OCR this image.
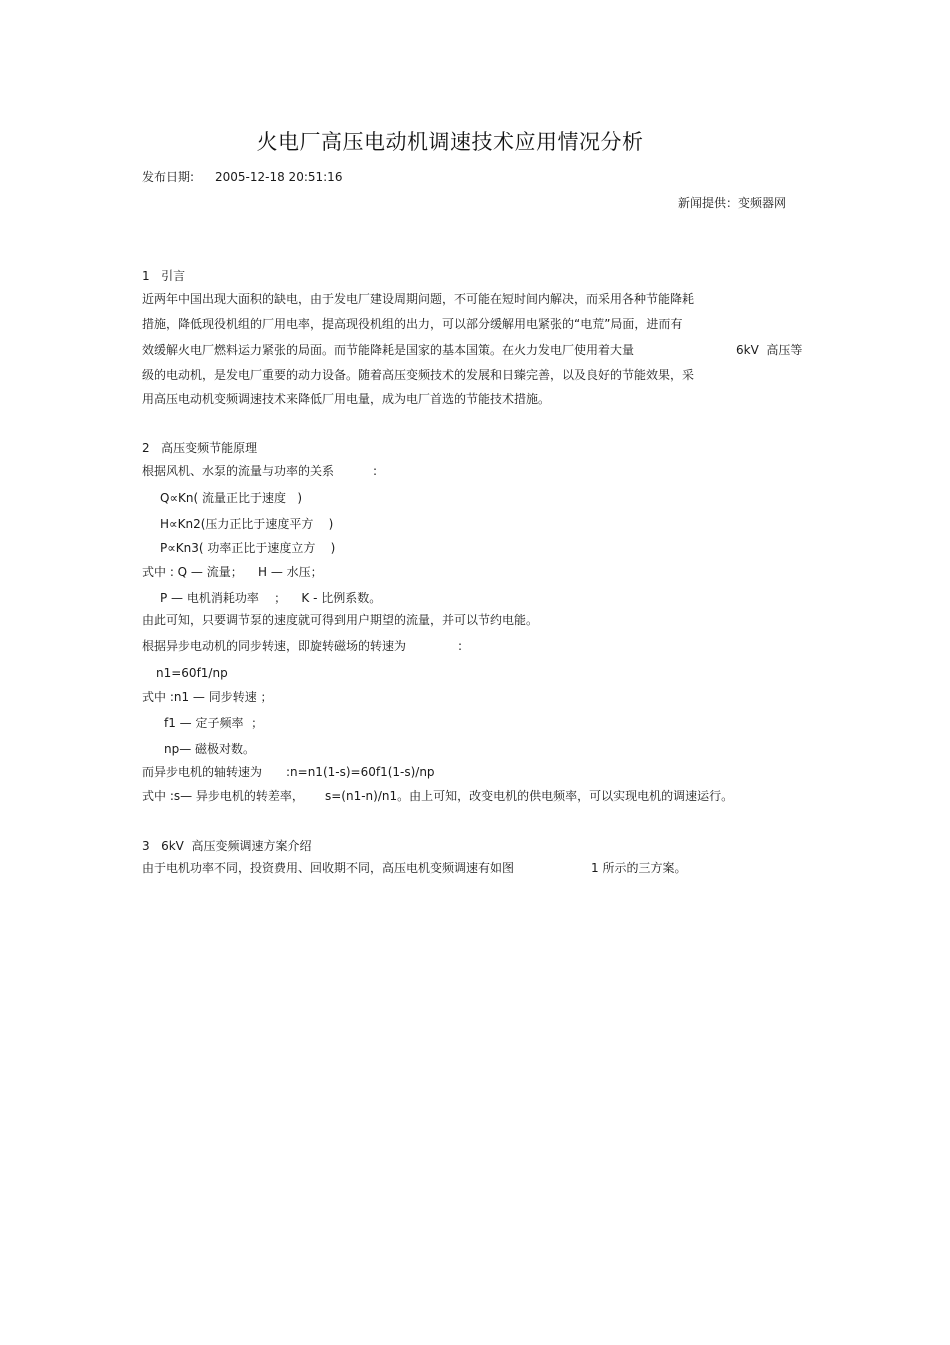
火电厂高压电动机调速技术应用情况分析
发布日期: 2005-12-18 20:51:16
新闻提供：变频器网
1   引言
近两年中国出现大面积的缺电，由于发电厂建设周期问题，不可能在短时间内解决，而采用各种节能降耗
措施，降低现役机组的厂用电率，提高现役机组的出力，可以部分缓解用电紧张的“电荒”局面，进而有
效缓解火电厂燃料运力紧张的局面。而节能降耗是国家的基本国策。在火力发电厂使用着大量	6kV  高压等
级的电动机，是发电厂重要的动力设备。随着高压变频技术的发展和日臻完善，以及良好的节能效果，采
用高压电动机变频调速技术来降低厂用电量，成为电厂首选的节能技术措施。
2   高压变频节能原理
根据风机、水泵的流量与功率的关系	:
Q∝Kn( 流量正比于速度   )
H∝Kn2(压力正比于速度平方    )
P∝Kn3( 功率正比于速度立方    )
式中 : Q — 流量；    H — 水压；
P — 电机消耗功率    ；    K - 比例系数。
由此可知，只要调节泵的速度就可得到用户期望的流量，并可以节约电能。
根据异步电动机的同步转速，即旋转磁场的转速为	:
n1=60f1/np
式中 :n1 — 同步转速 ；
f1 — 定子频率  ；
np— 磁极对数。
而异步电机的轴转速为 :n=n1(1-s)=60f1(1-s)/np
式中 :s— 异步电机的转差率， s=(n1-n)/n1。由上可知，改变电机的供电频率，可以实现电机的调速运行。
3   6kV  高压变频调速方案介绍
由于电机功率不同，投资费用、回收期不同，高压电机变频调速有如图	1 所示的三方案。
